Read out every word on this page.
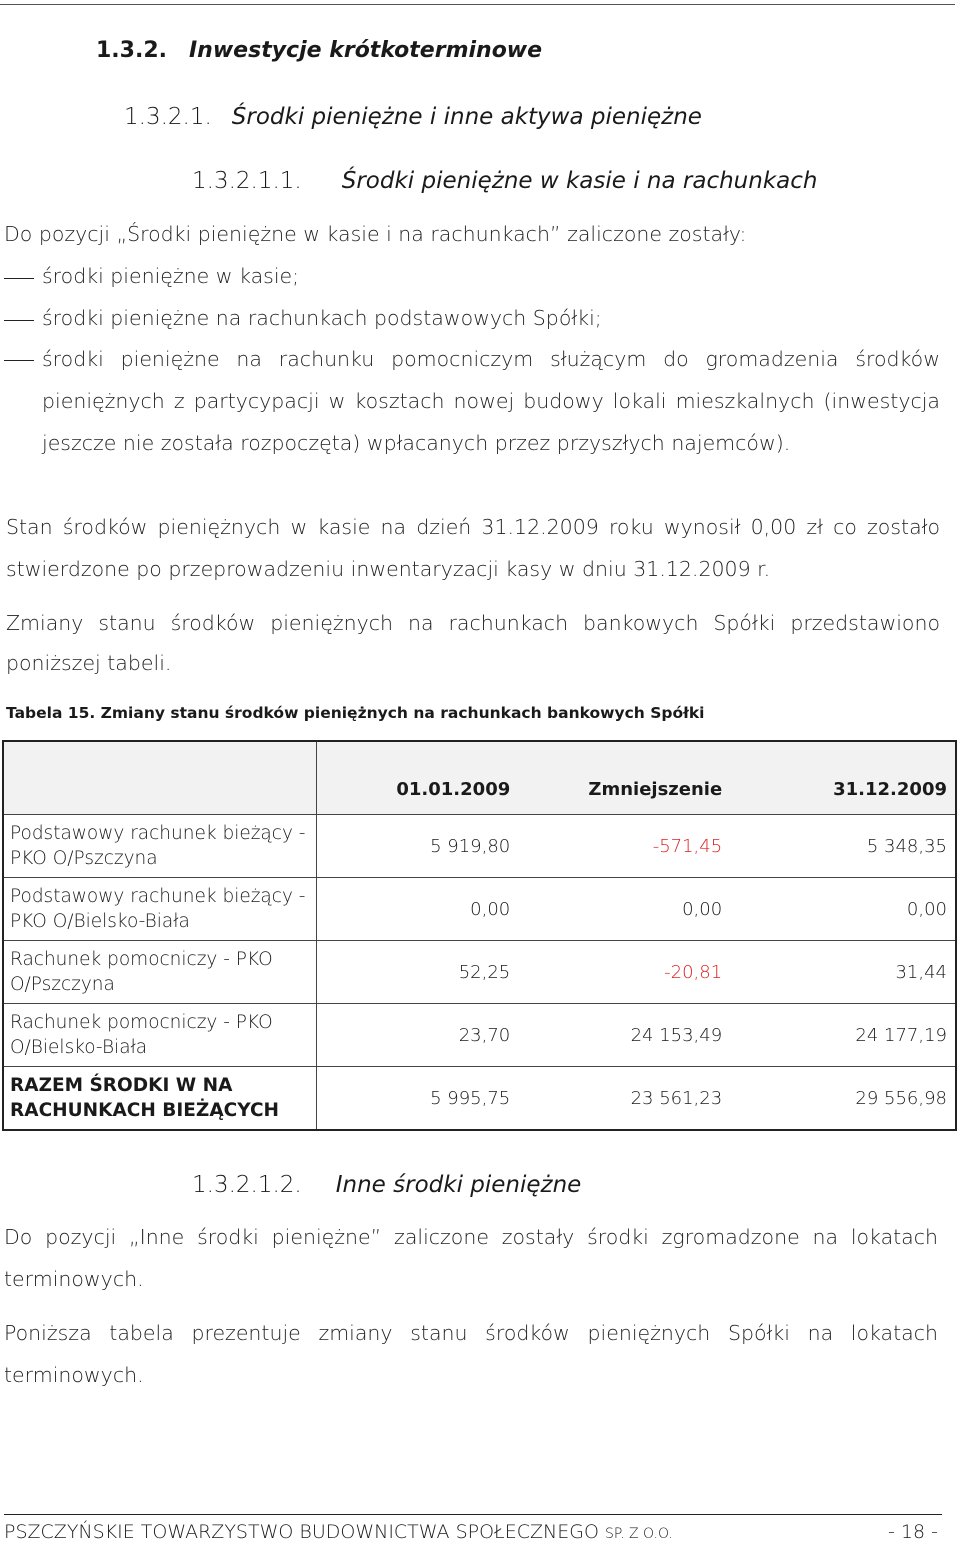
1.3.2. Inwestycje krótkoterminowe
1.3.2.1. Środki pieniężne i inne aktywa pieniężne
1.3.2.1.1. Środki pieniężne w kasie i na rachunkach
Do pozycji „Środki pieniężne w kasie i na rachunkach” zaliczone zostały:
środki pieniężne w kasie;
środki pieniężne na rachunkach podstawowych Spółki;
środki pieniężne na rachunku pomocniczym służącym do gromadzenia środków pieniężnych z partycypacji w kosztach nowej budowy lokali mieszkalnych (inwestycja jeszcze nie została rozpoczęta) wpłacanych przez przyszłych najemców).
Stan środków pieniężnych w kasie na dzień 31.12.2009 roku wynosił 0,00 zł co zostało stwierdzone po przeprowadzeniu inwentaryzacji kasy w dniu 31.12.2009 r.
Zmiany stanu środków pieniężnych na rachunkach bankowych Spółki przedstawiono poniższej tabeli.
Tabela 15. Zmiany stanu środków pieniężnych na rachunkach bankowych Spółki
	01.01.2009	Zmniejszenie	31.12.2009
Podstawowy rachunek bieżący - PKO O/Pszczyna	5 919,80	-571,45	5 348,35
Podstawowy rachunek bieżący - PKO O/Bielsko-Biała	0,00	0,00	0,00
Rachunek pomocniczy - PKO O/Pszczyna	52,25	-20,81	31,44
Rachunek pomocniczy - PKO O/Bielsko-Biała	23,70	24 153,49	24 177,19
RAZEM ŚRODKI W NA RACHUNKACH BIEŻĄCYCH	5 995,75	23 561,23	29 556,98
1.3.2.1.2. Inne środki pieniężne
Do pozycji „Inne środki pieniężne” zaliczone zostały środki zgromadzone na lokatach terminowych.
Poniższa tabela prezentuje zmiany stanu środków pieniężnych Spółki na lokatach terminowych.
PSZCZYŃSKIE TOWARZYSTWO BUDOWNICTWA SPOŁECZNEGO SP. Z O.O.	- 18 -
